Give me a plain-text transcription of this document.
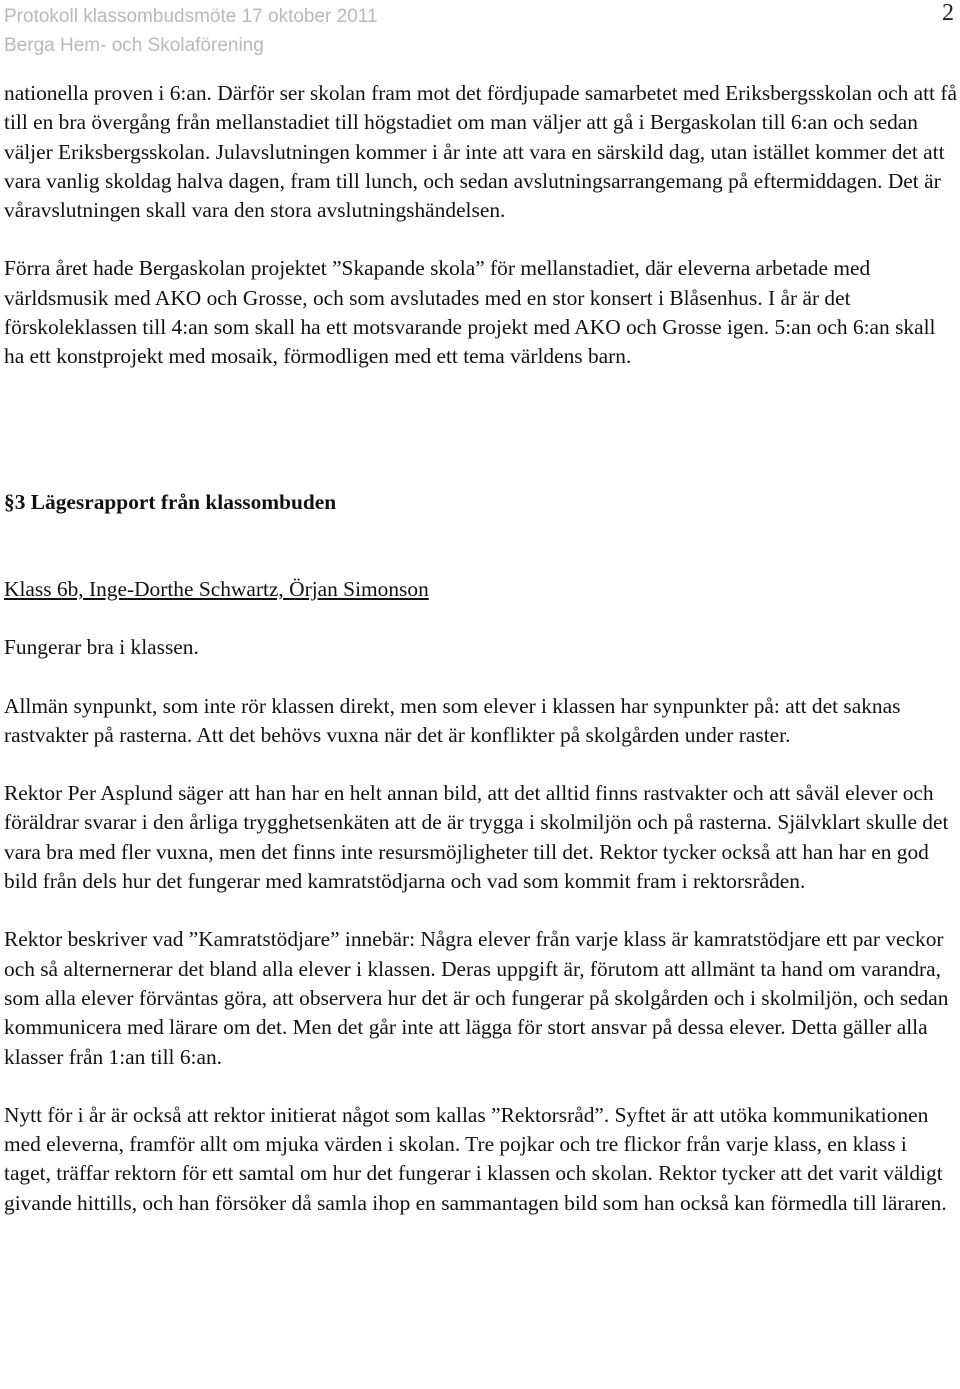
Protokoll klassombudsmöte 17 oktober 2011
Berga Hem- och Skolaförening
2

nationella proven i 6:an. Därför ser skolan fram mot det fördjupade samarbetet med Eriksbergsskolan och att få till en bra övergång från mellanstadiet till högstadiet om man väljer att gå i Bergaskolan till 6:an och sedan väljer Eriksbergsskolan. Julavslutningen kommer i år inte att vara en särskild dag, utan istället kommer det att vara vanlig skoldag halva dagen, fram till lunch, och sedan avslutningsarrangemang på eftermiddagen. Det är våravslutningen skall vara den stora avslutningshändelsen.

Förra året hade Bergaskolan projektet ”Skapande skola” för mellanstadiet, där eleverna arbetade med världsmusik med AKO och Grosse, och som avslutades med en stor konsert i Blåsenhus. I år är det förskoleklassen till 4:an som skall ha ett motsvarande projekt med AKO och Grosse igen. 5:an och 6:an skall ha ett konstprojekt med mosaik, förmodligen med ett tema världens barn.

§3 Lägesrapport från klassombuden

Klass 6b, Inge-Dorthe Schwartz, Örjan Simonson

Fungerar bra i klassen.

Allmän synpunkt, som inte rör klassen direkt, men som elever i klassen har synpunkter på: att det saknas rastvakter på rasterna. Att det behövs vuxna när det är konflikter på skolgården under raster.

Rektor Per Asplund säger att han har en helt annan bild, att det alltid finns rastvakter och att såväl elever och föräldrar svarar i den årliga trygghetsenkäten att de är trygga i skolmiljön och på rasterna. Självklart skulle det vara bra med fler vuxna, men det finns inte resursmöjligheter till det. Rektor tycker också att han har en god bild från dels hur det fungerar med kamratstödjarna och vad som kommit fram i rektorsråden.

Rektor beskriver vad ”Kamratstödjare” innebär: Några elever från varje klass är kamratstödjare ett par veckor och så alternernerar det bland alla elever i klassen. Deras uppgift är, förutom att allmänt ta hand om varandra, som alla elever förväntas göra, att observera hur det är och fungerar på skolgården och i skolmiljön, och sedan kommunicera med lärare om det. Men det går inte att lägga för stort ansvar på dessa elever. Detta gäller alla klasser från 1:an till 6:an.

Nytt för i år är också att rektor initierat något som kallas ”Rektorsråd”. Syftet är att utöka kommunikationen med eleverna, framför allt om mjuka värden i skolan. Tre pojkar och tre flickor från varje klass, en klass i taget, träffar rektorn för ett samtal om hur det fungerar i klassen och skolan. Rektor tycker att det varit väldigt givande hittills, och han försöker då samla ihop en sammantagen bild som han också kan förmedla till läraren.
